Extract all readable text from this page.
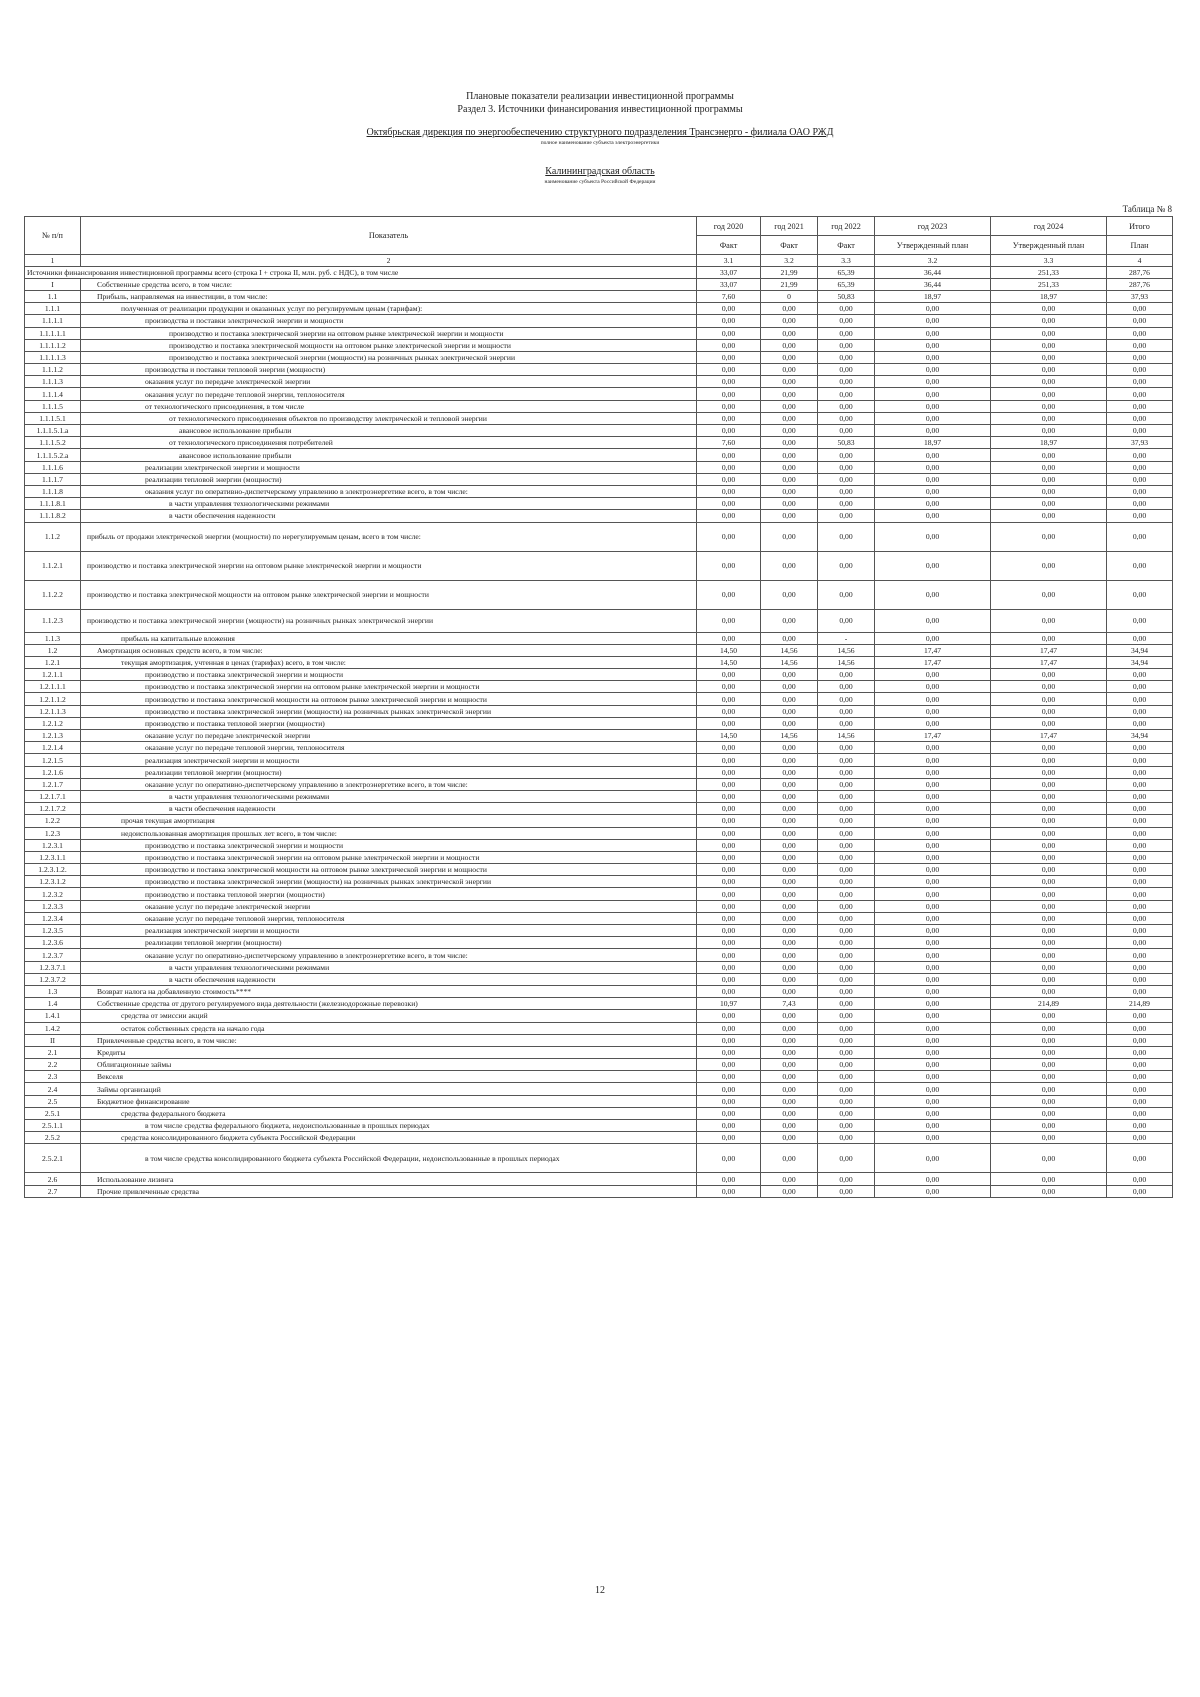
Плановые показатели реализации инвестиционной программы
Раздел 3. Источники финансирования инвестиционной программы
Октябрьская дирекция по энергообеспечению структурного подразделения Трансэнерго - филиала ОАО РЖД
полное наименование субъекта электроэнергетики
Калининградская область
наименование субъекта Российской Федерации
Таблица № 8
№ п/п	Показатель	год 2020	год 2021	год 2022	год 2023	год 2024	Итого
		Факт	Факт	Факт	Утвержденный план	Утвержденный план	План
1	2	3.1	3.2	3.3	3.2	3.3	4
Источники финансирования инвестиционной программы всего (строка I + строка II, млн. руб. с НДС), в том числе		33,07	21,99	65,39	36,44	251,33	287,76
I	Собственные средства всего, в том числе:	33,07	21,99	65,39	36,44	251,33	287,76
1.1	Прибыль, направляемая на инвестиции, в том числе:	7,60	0	50,83	18,97	18,97	37,93
1.1.1	полученная от реализации продукции и оказанных услуг по регулируемым ценам (тарифам):	0,00	0,00	0,00	0,00	0,00	0,00
1.1.1.1	производства и поставки электрической энергии и мощности	0,00	0,00	0,00	0,00	0,00	0,00
1.1.1.1.1	производство и поставка электрической энергии на оптовом рынке электрической энергии и мощности	0,00	0,00	0,00	0,00	0,00	0,00
1.1.1.1.2	производство и поставка электрической мощности на оптовом рынке электрической энергии и мощности	0,00	0,00	0,00	0,00	0,00	0,00
1.1.1.1.3	производство и поставка электрической энергии (мощности) на розничных рынках электрической энергии	0,00	0,00	0,00	0,00	0,00	0,00
1.1.1.2	производства и поставки тепловой энергии (мощности)	0,00	0,00	0,00	0,00	0,00	0,00
1.1.1.3	оказания услуг по передаче электрической энергии	0,00	0,00	0,00	0,00	0,00	0,00
1.1.1.4	оказания услуг по передаче тепловой энергии, теплоносителя	0,00	0,00	0,00	0,00	0,00	0,00
1.1.1.5	от технологического присоединения, в том числе	0,00	0,00	0,00	0,00	0,00	0,00
1.1.1.5.1	от технологического присоединения объектов по производству электрической и тепловой энергии	0,00	0,00	0,00	0,00	0,00	0,00
1.1.1.5.1.a	авансовое использование прибыли	0,00	0,00	0,00	0,00	0,00	0,00
1.1.1.5.2	от технологического присоединения потребителей	7,60	0,00	50,83	18,97	18,97	37,93
1.1.1.5.2.a	авансовое использование прибыли	0,00	0,00	0,00	0,00	0,00	0,00
1.1.1.6	реализации электрической энергии и мощности	0,00	0,00	0,00	0,00	0,00	0,00
1.1.1.7	реализации тепловой энергии (мощности)	0,00	0,00	0,00	0,00	0,00	0,00
1.1.1.8	оказания услуг по оперативно-диспетчерскому управлению в электроэнергетике всего, в том числе:	0,00	0,00	0,00	0,00	0,00	0,00
1.1.1.8.1	в части управления технологическими режимами	0,00	0,00	0,00	0,00	0,00	0,00
1.1.1.8.2	в части обеспечения надежности	0,00	0,00	0,00	0,00	0,00	0,00
1.1.2	прибыль от продажи электрической энергии (мощности) по нерегулируемым ценам, всего в том числе:	0,00	0,00	0,00	0,00	0,00	0,00
1.1.2.1	производство и поставка электрической энергии на оптовом рынке электрической энергии и мощности	0,00	0,00	0,00	0,00	0,00	0,00
1.1.2.2	производство и поставка электрической мощности на оптовом рынке электрической энергии и мощности	0,00	0,00	0,00	0,00	0,00	0,00
1.1.2.3	производство и поставка электрической энергии (мощности) на розничных рынках электрической энергии	0,00	0,00	0,00	0,00	0,00	0,00
1.1.3	прибыль на капитальные вложения	0,00	0,00	-	0,00	0,00	0,00
1.2	Амортизация основных средств всего, в том числе:	14,50	14,56	14,56	17,47	17,47	34,94
1.2.1	текущая амортизация, учтенная в ценах (тарифах) всего, в том числе:	14,50	14,56	14,56	17,47	17,47	34,94
1.2.1.1	производство и поставка электрической энергии и мощности	0,00	0,00	0,00	0,00	0,00	0,00
1.2.1.1.1	производство и поставка электрической энергии на оптовом рынке электрической энергии и мощности	0,00	0,00	0,00	0,00	0,00	0,00
1.2.1.1.2	производство и поставка электрической мощности на оптовом рынке электрической энергии и мощности	0,00	0,00	0,00	0,00	0,00	0,00
1.2.1.1.3	производство и поставка электрической энергии (мощности) на розничных рынках электрической энергии	0,00	0,00	0,00	0,00	0,00	0,00
1.2.1.2	производство и поставка тепловой энергии (мощности)	0,00	0,00	0,00	0,00	0,00	0,00
1.2.1.3	оказание услуг по передаче электрической энергии	14,50	14,56	14,56	17,47	17,47	34,94
1.2.1.4	оказание услуг по передаче тепловой энергии, теплоносителя	0,00	0,00	0,00	0,00	0,00	0,00
1.2.1.5	реализация электрической энергии и мощности	0,00	0,00	0,00	0,00	0,00	0,00
1.2.1.6	реализации тепловой энергии (мощности)	0,00	0,00	0,00	0,00	0,00	0,00
1.2.1.7	оказание услуг по оперативно-диспетчерскому управлению в электроэнергетике всего, в том числе:	0,00	0,00	0,00	0,00	0,00	0,00
1.2.1.7.1	в части управления технологическими режимами	0,00	0,00	0,00	0,00	0,00	0,00
1.2.1.7.2	в части обеспечения надежности	0,00	0,00	0,00	0,00	0,00	0,00
1.2.2	прочая текущая амортизация	0,00	0,00	0,00	0,00	0,00	0,00
1.2.3	недоиспользованная амортизация прошлых лет всего, в том числе:	0,00	0,00	0,00	0,00	0,00	0,00
1.2.3.1	производство и поставка электрической энергии и мощности	0,00	0,00	0,00	0,00	0,00	0,00
1.2.3.1.1	производство и поставка электрической энергии на оптовом рынке электрической энергии и мощности	0,00	0,00	0,00	0,00	0,00	0,00
1.2.3.1.2.	производство и поставка электрической мощности на оптовом рынке электрической энергии и мощности	0,00	0,00	0,00	0,00	0,00	0,00
1.2.3.1.2	производство и поставка электрической энергии (мощности) на розничных рынках электрической энергии	0,00	0,00	0,00	0,00	0,00	0,00
1.2.3.2	производство и поставка тепловой энергии (мощности)	0,00	0,00	0,00	0,00	0,00	0,00
1.2.3.3	оказание услуг по передаче электрической энергии	0,00	0,00	0,00	0,00	0,00	0,00
1.2.3.4	оказание услуг по передаче тепловой энергии, теплоносителя	0,00	0,00	0,00	0,00	0,00	0,00
1.2.3.5	реализация электрической энергии и мощности	0,00	0,00	0,00	0,00	0,00	0,00
1.2.3.6	реализации тепловой энергии (мощности)	0,00	0,00	0,00	0,00	0,00	0,00
1.2.3.7	оказание услуг по оперативно-диспетчерскому управлению в электроэнергетике всего, в том числе:	0,00	0,00	0,00	0,00	0,00	0,00
1.2.3.7.1	в части управления технологическими режимами	0,00	0,00	0,00	0,00	0,00	0,00
1.2.3.7.2	в части обеспечения надежности	0,00	0,00	0,00	0,00	0,00	0,00
1.3	Возврат налога на добавленную стоимость****	0,00	0,00	0,00	0,00	0,00	0,00
1.4	Собственные средства от другого регулируемого вида деятельности (железнодорожные перевозки)	10,97	7,43	0,00	0,00	214,89	214,89
1.4.1	средства от эмиссии акций	0,00	0,00	0,00	0,00	0,00	0,00
1.4.2	остаток собственных средств на начало года	0,00	0,00	0,00	0,00	0,00	0,00
II	Привлеченные средства всего, в том числе:	0,00	0,00	0,00	0,00	0,00	0,00
2.1	Кредиты	0,00	0,00	0,00	0,00	0,00	0,00
2.2	Облигационные займы	0,00	0,00	0,00	0,00	0,00	0,00
2.3	Векселя	0,00	0,00	0,00	0,00	0,00	0,00
2.4	Займы организаций	0,00	0,00	0,00	0,00	0,00	0,00
2.5	Бюджетное финансирование	0,00	0,00	0,00	0,00	0,00	0,00
2.5.1	средства федерального бюджета	0,00	0,00	0,00	0,00	0,00	0,00
2.5.1.1	в том числе средства федерального бюджета, недоиспользованные в прошлых периодах	0,00	0,00	0,00	0,00	0,00	0,00
2.5.2	средства консолидированного бюджета субъекта Российской Федерации	0,00	0,00	0,00	0,00	0,00	0,00
2.5.2.1	в том числе средства консолидированного бюджета субъекта Российской Федерации, недоиспользованные в прошлых периодах	0,00	0,00	0,00	0,00	0,00	0,00
2.6	Использование лизинга	0,00	0,00	0,00	0,00	0,00	0,00
2.7	Прочие привлеченные средства	0,00	0,00	0,00	0,00	0,00	0,00
12
